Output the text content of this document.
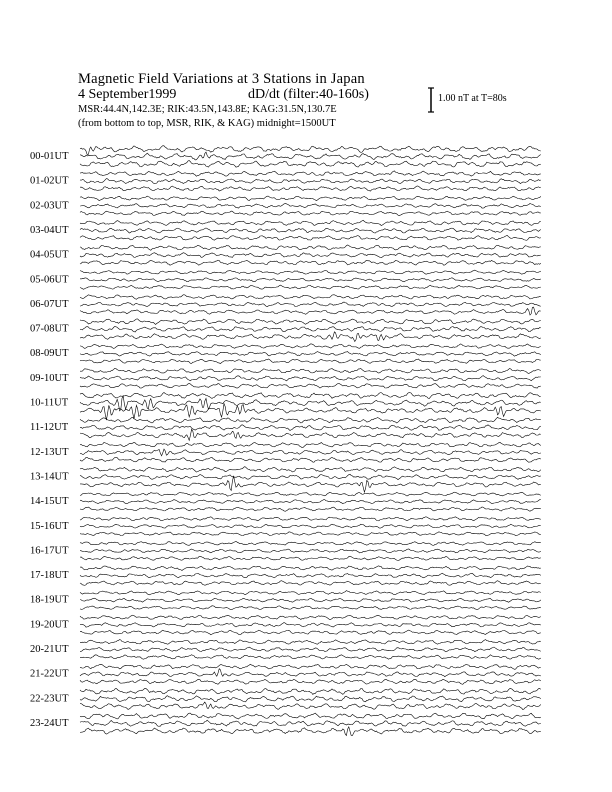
Magnetic Field Variations at 3 Stations in Japan
4 September1999	dD/dt (filter:40-160s)
MSR:44.4N,142.3E; RIK:43.5N,143.8E; KAG:31.5N,130.7E
(from bottom to top, MSR, RIK, & KAG) midnight=1500UT
1.00 nT at T=80s
00-01UT
01-02UT
02-03UT
03-04UT
04-05UT
05-06UT
06-07UT
07-08UT
08-09UT
09-10UT
10-11UT
11-12UT
12-13UT
13-14UT
14-15UT
15-16UT
16-17UT
17-18UT
18-19UT
19-20UT
20-21UT
21-22UT
22-23UT
23-24UT
